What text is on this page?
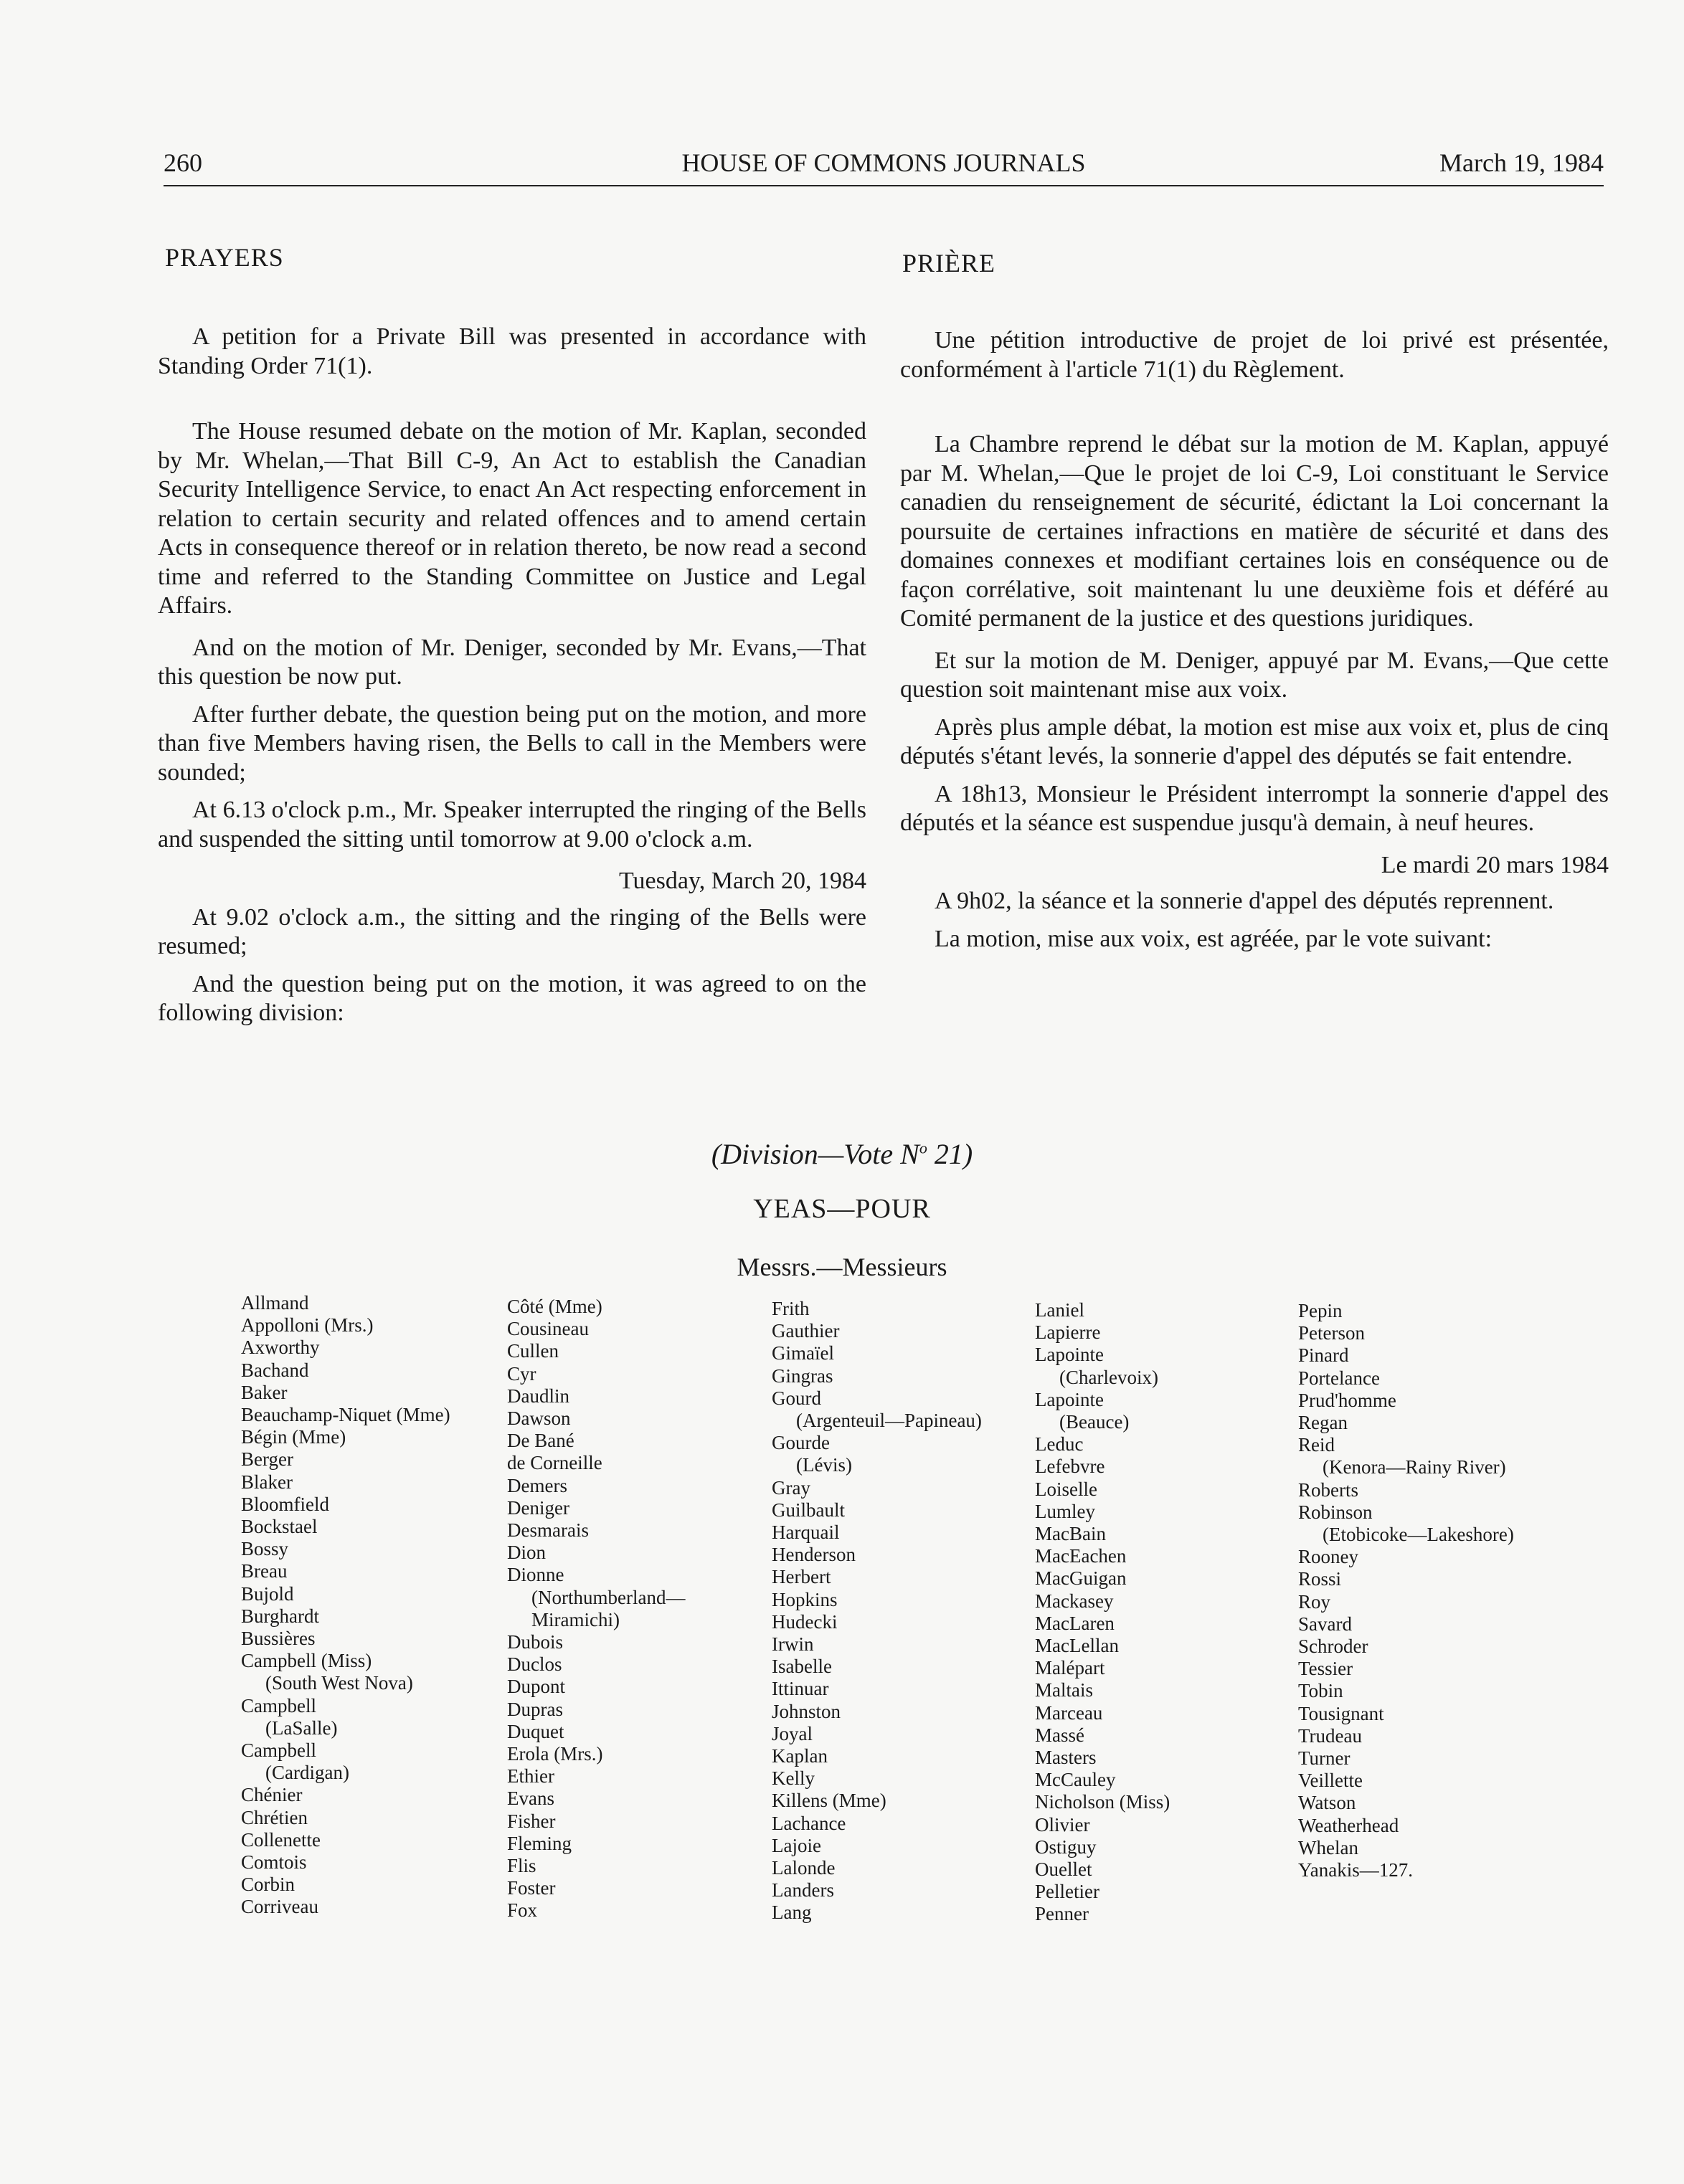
260	HOUSE OF COMMONS JOURNALS	March 19, 1984
PRAYERS

A petition for a Private Bill was presented in accordance with Standing Order 71(1).

The House resumed debate on the motion of Mr. Kaplan, seconded by Mr. Whelan,—That Bill C-9, An Act to establish the Canadian Security Intelligence Service, to enact An Act respecting enforcement in relation to certain security and related offences and to amend certain Acts in consequence thereof or in relation thereto, be now read a second time and referred to the Standing Committee on Justice and Legal Affairs.

And on the motion of Mr. Deniger, seconded by Mr. Evans,—That this question be now put.

After further debate, the question being put on the motion, and more than five Members having risen, the Bells to call in the Members were sounded;

At 6.13 o'clock p.m., Mr. Speaker interrupted the ringing of the Bells and suspended the sitting until tomorrow at 9.00 o'clock a.m.

Tuesday, March 20, 1984

At 9.02 o'clock a.m., the sitting and the ringing of the Bells were resumed;

And the question being put on the motion, it was agreed to on the following division:

PRIÈRE

Une pétition introductive de projet de loi privé est présentée, conformément à l'article 71(1) du Règlement.

La Chambre reprend le débat sur la motion de M. Kaplan, appuyé par M. Whelan,—Que le projet de loi C-9, Loi constituant le Service canadien du renseignement de sécurité, édictant la Loi concernant la poursuite de certaines infractions en matière de sécurité et dans des domaines connexes et modifiant certaines lois en conséquence ou de façon corrélative, soit maintenant lu une deuxième fois et déféré au Comité permanent de la justice et des questions juridiques.

Et sur la motion de M. Deniger, appuyé par M. Evans,—Que cette question soit maintenant mise aux voix.

Après plus ample débat, la motion est mise aux voix et, plus de cinq députés s'étant levés, la sonnerie d'appel des députés se fait entendre.

A 18h13, Monsieur le Président interrompt la sonnerie d'appel des députés et la séance est suspendue jusqu'à demain, à neuf heures.

Le mardi 20 mars 1984

A 9h02, la séance et la sonnerie d'appel des députés reprennent.

La motion, mise aux voix, est agréée, par le vote suivant:

(Division—Vote $N^o$ 21)
YEAS—POUR
Messrs.—Messieurs
Allmand
Appolloni (Mrs.)
Axworthy
Bachand
Baker
Beauchamp-Niquet (Mme)
Bégin (Mme)
Berger
Blaker
Bloomfield
Bockstael
Bossy
Breau
Bujold
Burghardt
Bussières
Campbell (Miss)
(South West Nova)
Campbell
(LaSalle)
Campbell
(Cardigan)
Chénier
Chrétien
Collenette
Comtois
Corbin
Corriveau
Côté (Mme)
Cousineau
Cullen
Cyr
Daudlin
Dawson
De Bané
de Corneille
Demers
Deniger
Desmarais
Dion
Dionne
(Northumberland—
Miramichi)
Dubois
Duclos
Dupont
Dupras
Duquet
Erola (Mrs.)
Ethier
Evans
Fisher
Fleming
Flis
Foster
Fox
Frith
Gauthier
Gimaïel
Gingras
Gourd
(Argenteuil—Papineau)
Gourde
(Lévis)
Gray
Guilbault
Harquail
Henderson
Herbert
Hopkins
Hudecki
Irwin
Isabelle
Ittinuar
Johnston
Joyal
Kaplan
Kelly
Killens (Mme)
Lachance
Lajoie
Lalonde
Landers
Lang
Laniel
Lapierre
Lapointe
(Charlevoix)
Lapointe
(Beauce)
Leduc
Lefebvre
Loiselle
Lumley
MacBain
MacEachen
MacGuigan
Mackasey
MacLaren
MacLellan
Malépart
Maltais
Marceau
Massé
Masters
McCauley
Nicholson (Miss)
Olivier
Ostiguy
Ouellet
Pelletier
Penner
Pepin
Peterson
Pinard
Portelance
Prud'homme
Regan
Reid
(Kenora—Rainy River)
Roberts
Robinson
(Etobicoke—Lakeshore)
Rooney
Rossi
Roy
Savard
Schroder
Tessier
Tobin
Tousignant
Trudeau
Turner
Veillette
Watson
Weatherhead
Whelan
Yanakis—127.
